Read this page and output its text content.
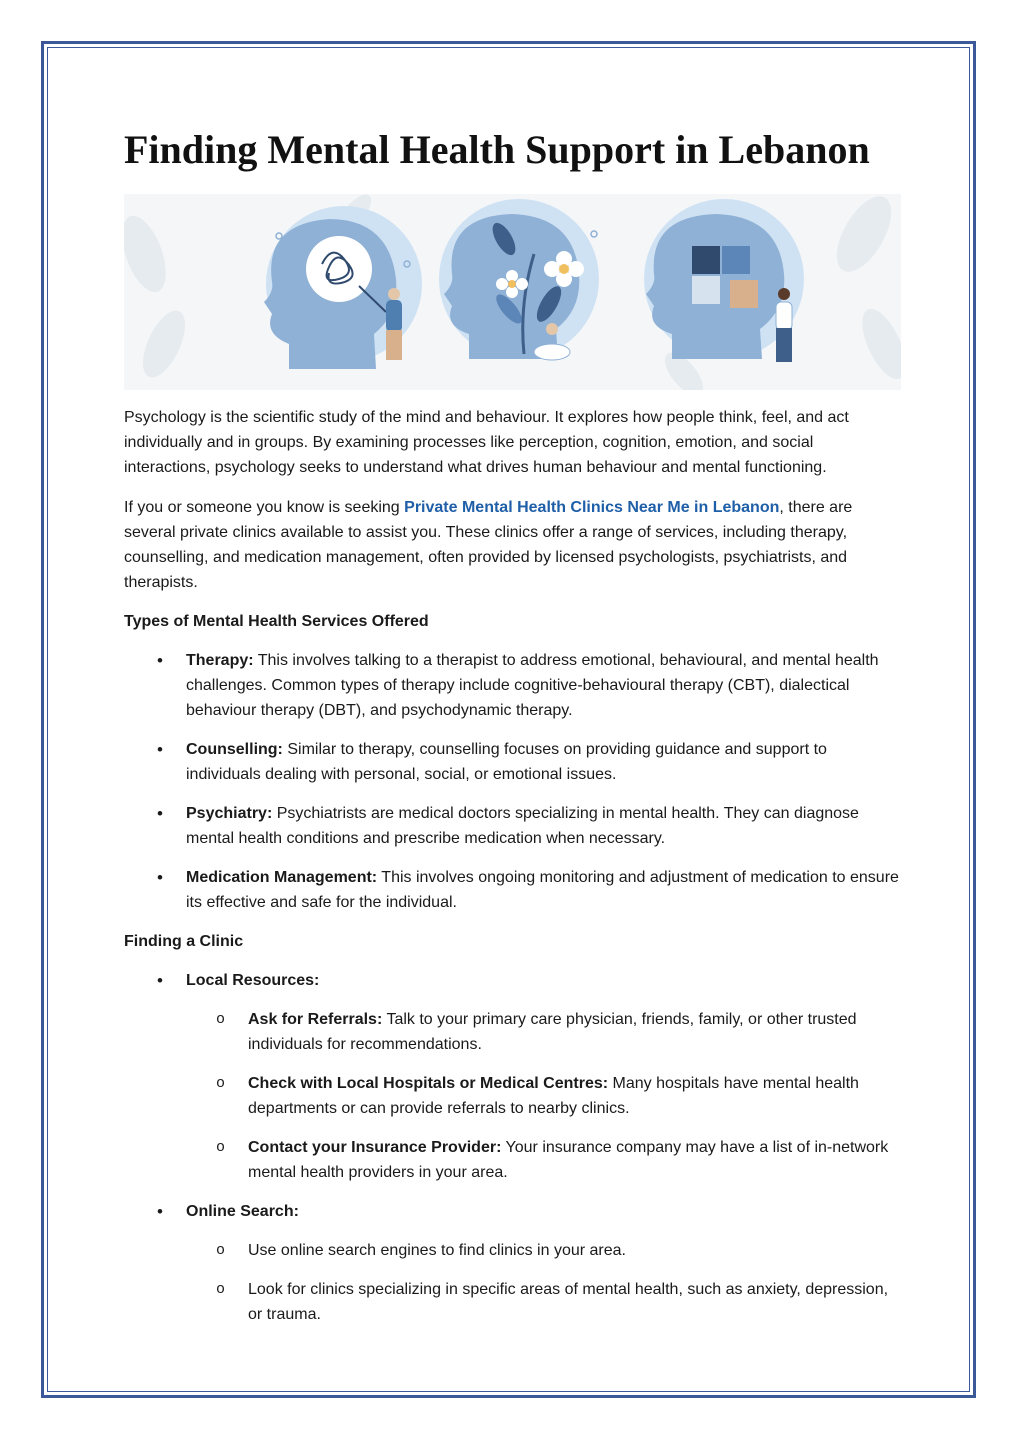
Finding Mental Health Support in Lebanon

Psychology is the scientific study of the mind and behaviour. It explores how people think, feel, and act individually and in groups. By examining processes like perception, cognition, emotion, and social interactions, psychology seeks to understand what drives human behaviour and mental functioning.

If you or someone you know is seeking Private Mental Health Clinics Near Me in Lebanon, there are several private clinics available to assist you. These clinics offer a range of services, including therapy, counselling, and medication management, often provided by licensed psychologists, psychiatrists, and therapists.

Types of Mental Health Services Offered

• Therapy: This involves talking to a therapist to address emotional, behavioural, and mental health challenges. Common types of therapy include cognitive-behavioural therapy (CBT), dialectical behaviour therapy (DBT), and psychodynamic therapy.
• Counselling: Similar to therapy, counselling focuses on providing guidance and support to individuals dealing with personal, social, or emotional issues.
• Psychiatry: Psychiatrists are medical doctors specializing in mental health. They can diagnose mental health conditions and prescribe medication when necessary.
• Medication Management: This involves ongoing monitoring and adjustment of medication to ensure its effective and safe for the individual.

Finding a Clinic

• Local Resources:
o Ask for Referrals: Talk to your primary care physician, friends, family, or other trusted individuals for recommendations.
o Check with Local Hospitals or Medical Centres: Many hospitals have mental health departments or can provide referrals to nearby clinics.
o Contact your Insurance Provider: Your insurance company may have a list of in-network mental health providers in your area.
• Online Search:
o Use online search engines to find clinics in your area.
o Look for clinics specializing in specific areas of mental health, such as anxiety, depression, or trauma.
